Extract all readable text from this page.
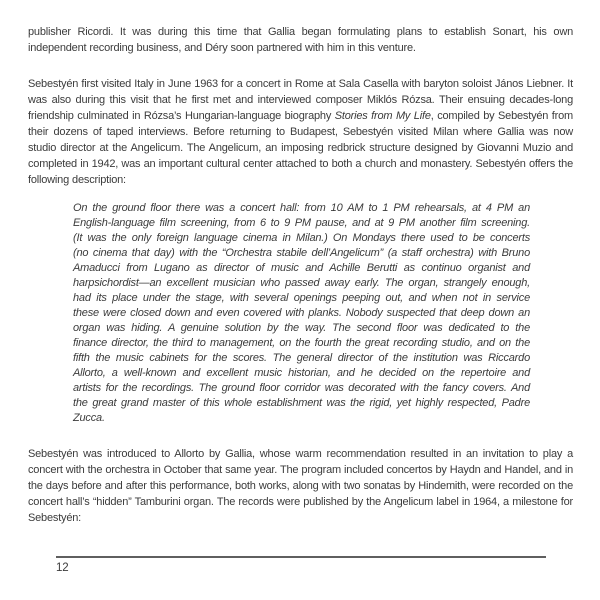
publisher Ricordi. It was during this time that Gallia began formulating plans to establish Sonart, his own independent recording business, and Déry soon partnered with him in this venture.

Sebestyén first visited Italy in June 1963 for a concert in Rome at Sala Casella with baryton soloist János Liebner. It was also during this visit that he first met and interviewed composer Miklós Rózsa. Their ensuing decades-long friendship culminated in Rózsa’s Hungarian-language biography Stories from My Life, compiled by Sebestyén from their dozens of taped interviews. Before returning to Budapest, Sebestyén visited Milan where Gallia was now studio director at the Angelicum. The Angelicum, an imposing redbrick structure designed by Giovanni Muzio and completed in 1942, was an important cultural center attached to both a church and monastery. Sebestyén offers the following description:

On the ground floor there was a concert hall: from 10 AM to 1 PM rehearsals, at 4 PM an English-language film screening, from 6 to 9 PM pause, and at 9 PM another film screening. (It was the only foreign language cinema in Milan.) On Mondays there used to be concerts (no cinema that day) with the “Orchestra stabile dell’Angelicum” (a staff orchestra) with Bruno Amaducci from Lugano as director of music and Achille Berutti as continuo organist and harpsichordist—an excellent musician who passed away early. The organ, strangely enough, had its place under the stage, with several openings peeping out, and when not in service these were closed down and even covered with planks. Nobody suspected that deep down an organ was hiding. A genuine solution by the way. The second floor was dedicated to the finance director, the third to management, on the fourth the great recording studio, and on the fifth the music cabinets for the scores. The general director of the institution was Riccardo Allorto, a well-known and excellent music historian, and he decided on the repertoire and artists for the recordings. The ground floor corridor was decorated with the fancy covers. And the great grand master of this whole establishment was the rigid, yet highly respected, Padre Zucca.

Sebestyén was introduced to Allorto by Gallia, whose warm recommendation resulted in an invitation to play a concert with the orchestra in October that same year. The program included concertos by Haydn and Handel, and in the days before and after this performance, both works, along with two sonatas by Hindemith, were recorded on the concert hall’s “hidden” Tamburini organ. The records were published by the Angelicum label in 1964, a milestone for Sebestyén:

12
